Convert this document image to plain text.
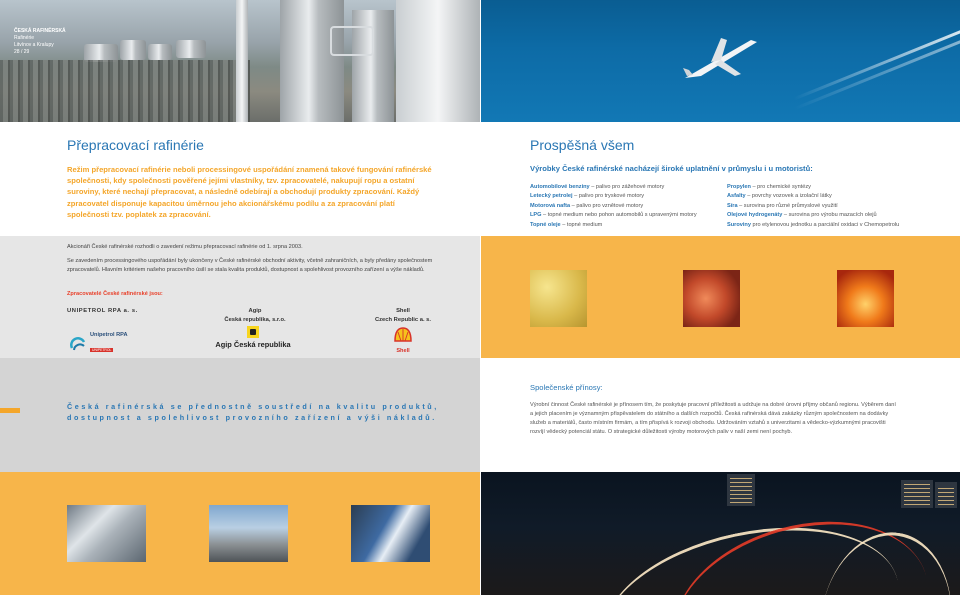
ČESKÁ RAFINÉRSKÁ
Rafinérie
Litvínov a Kralupy
28 / 29
Přepracovací rafinérie

Režim přepracovací rafinérie neboli processingové uspořádání znamená takové fungování rafinérské společnosti, kdy společnosti pověřené jejími vlastníky, tzv. zpracovatelé, nakupují ropu a ostatní suroviny, které nechají přepracovat, a následně odebírají a obchodují produkty zpracování. Každý zpracovatel disponuje kapacitou úměrnou jeho akcionářskému podílu a za zpracování platí společnosti tzv. poplatek za zpracování.

Prospěšná všem

Výrobky České rafinérské nacházejí široké uplatnění v průmyslu i u motoristů:

Automobilové benziny – palivo pro zážehové motory
Letecký petrolej – palivo pro tryskové motory
Motorová nafta – palivo pro vznětové motory
LPG – topné medium nebo pohon automobilů s upravenými motory
Topné oleje – topné medium
Propylen – pro chemické syntézy
Asfalty – povrchy vozovek a izolační látky
Síra – surovina pro různé průmyslové využití
Olejové hydrogenáty – surovina pro výrobu mazacích olejů
Suroviny pro etylenovou jednotku a parciální oxidaci v Chemopetrolu

Akcionáři České rafinérské rozhodli o zavedení režimu přepracovací rafinérie od 1. srpna 2003.

Se zavedením processingového uspořádání byly ukončeny v České rafinérské obchodní aktivity, včetně zahraničních, a byly předány společnostem zpracovatelů. Hlavním kritériem našeho pracovního úsilí se stala kvalita produktů, dostupnost a spolehlivost provozního zařízení a výše nákladů.

Zpracovatelé České rafinérské jsou:

UNIPETROL RPA a. s.	Agip
Česká republika, s.r.o.
Shell
Czech Republic a. s.
Unipetrol RPA
UNIPETROL
Agip Česká republika
Shell

Česká rafinérská se přednostně soustředí na kvalitu produktů, dostupnost a spolehlivost provozního zařízení a výši nákladů.

Společenské přínosy:

Výrobní činnost České rafinérské je přínosem tím, že poskytuje pracovní příležitosti a udržuje na dobré úrovni příjmy občanů regionu. Výběrem daní a jejich placením je významným přispěvatelem do státního a dalších rozpočtů. Česká rafinérská dává zakázky různým společnostem na dodávky služeb a materiálů, často místním firmám, a tím přispívá k rozvoji obchodu. Udržováním vztahů s univerzitami a vědecko-výzkumnými pracovišti rozvíjí vědecký potenciál státu. O strategické důležitosti výroby motorových paliv v naší zemi není pochyb.
